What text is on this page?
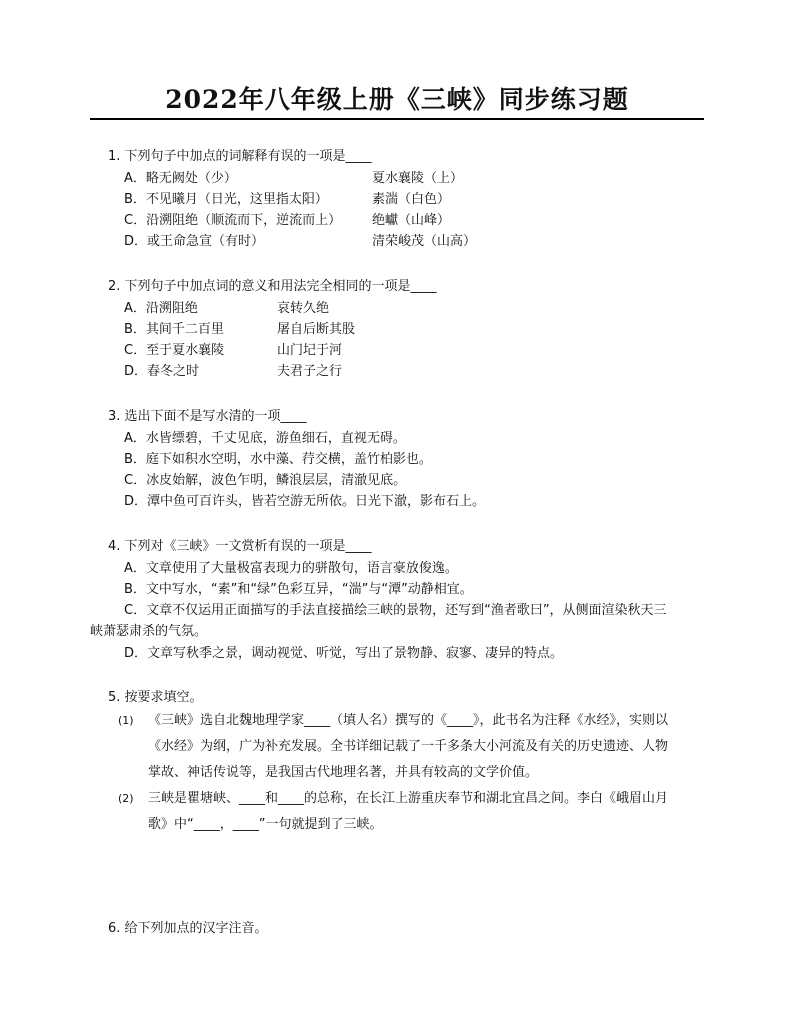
2022年八年级上册《三峡》同步练习题
1. 下列句子中加点的词解释有误的一项是____
A．略无阙处（少）	夏水襄陵（上）
B．不见曦月（日光，这里指太阳）	素湍（白色）
C．沿溯阻绝（顺流而下，逆流而上） 绝巘（山峰）
D．或王命急宣（有时）	清荣峻茂（山高）
2. 下列句子中加点词的意义和用法完全相同的一项是____
A．沿溯阻绝	哀转久绝
B．其间千二百里	屠自后断其股
C．至于夏水襄陵	山门圮于河
D．春冬之时	夫君子之行
3. 选出下面不是写水清的一项____
A．水皆缥碧，千丈见底，游鱼细石，直视无碍。
B．庭下如积水空明，水中藻、荇交横，盖竹柏影也。
C．冰皮始解，波色乍明，鳞浪层层，清澈见底。
D．潭中鱼可百许头，皆若空游无所依。日光下澈，影布石上。
4. 下列对《三峡》一文赏析有误的一项是____
A．文章使用了大量极富表现力的骈散句，语言豪放俊逸。
B．文中写水，“素”和“绿”色彩互异，“湍”与“潭”动静相宜。
C．文章不仅运用正面描写的手法直接描绘三峡的景物，还写到“渔者歌曰”，从侧面渲染秋天三
峡萧瑟肃杀的气氛。
D．文章写秋季之景，调动视觉、听觉，写出了景物静、寂寥、凄异的特点。
5. 按要求填空。
(1) 《三峡》选自北魏地理学家____（填人名）撰写的《____》，此书名为注释《水经》，实则以
《水经》为纲，广为补充发展。全书详细记载了一千多条大小河流及有关的历史遗迹、人物
掌故、神话传说等，是我国古代地理名著，并具有较高的文学价值。
(2) 三峡是瞿塘峡、____和____的总称，在长江上游重庆奉节和湖北宜昌之间。李白《峨眉山月
歌》中“____，____”一句就提到了三峡。
6. 给下列加点的汉字注音。
